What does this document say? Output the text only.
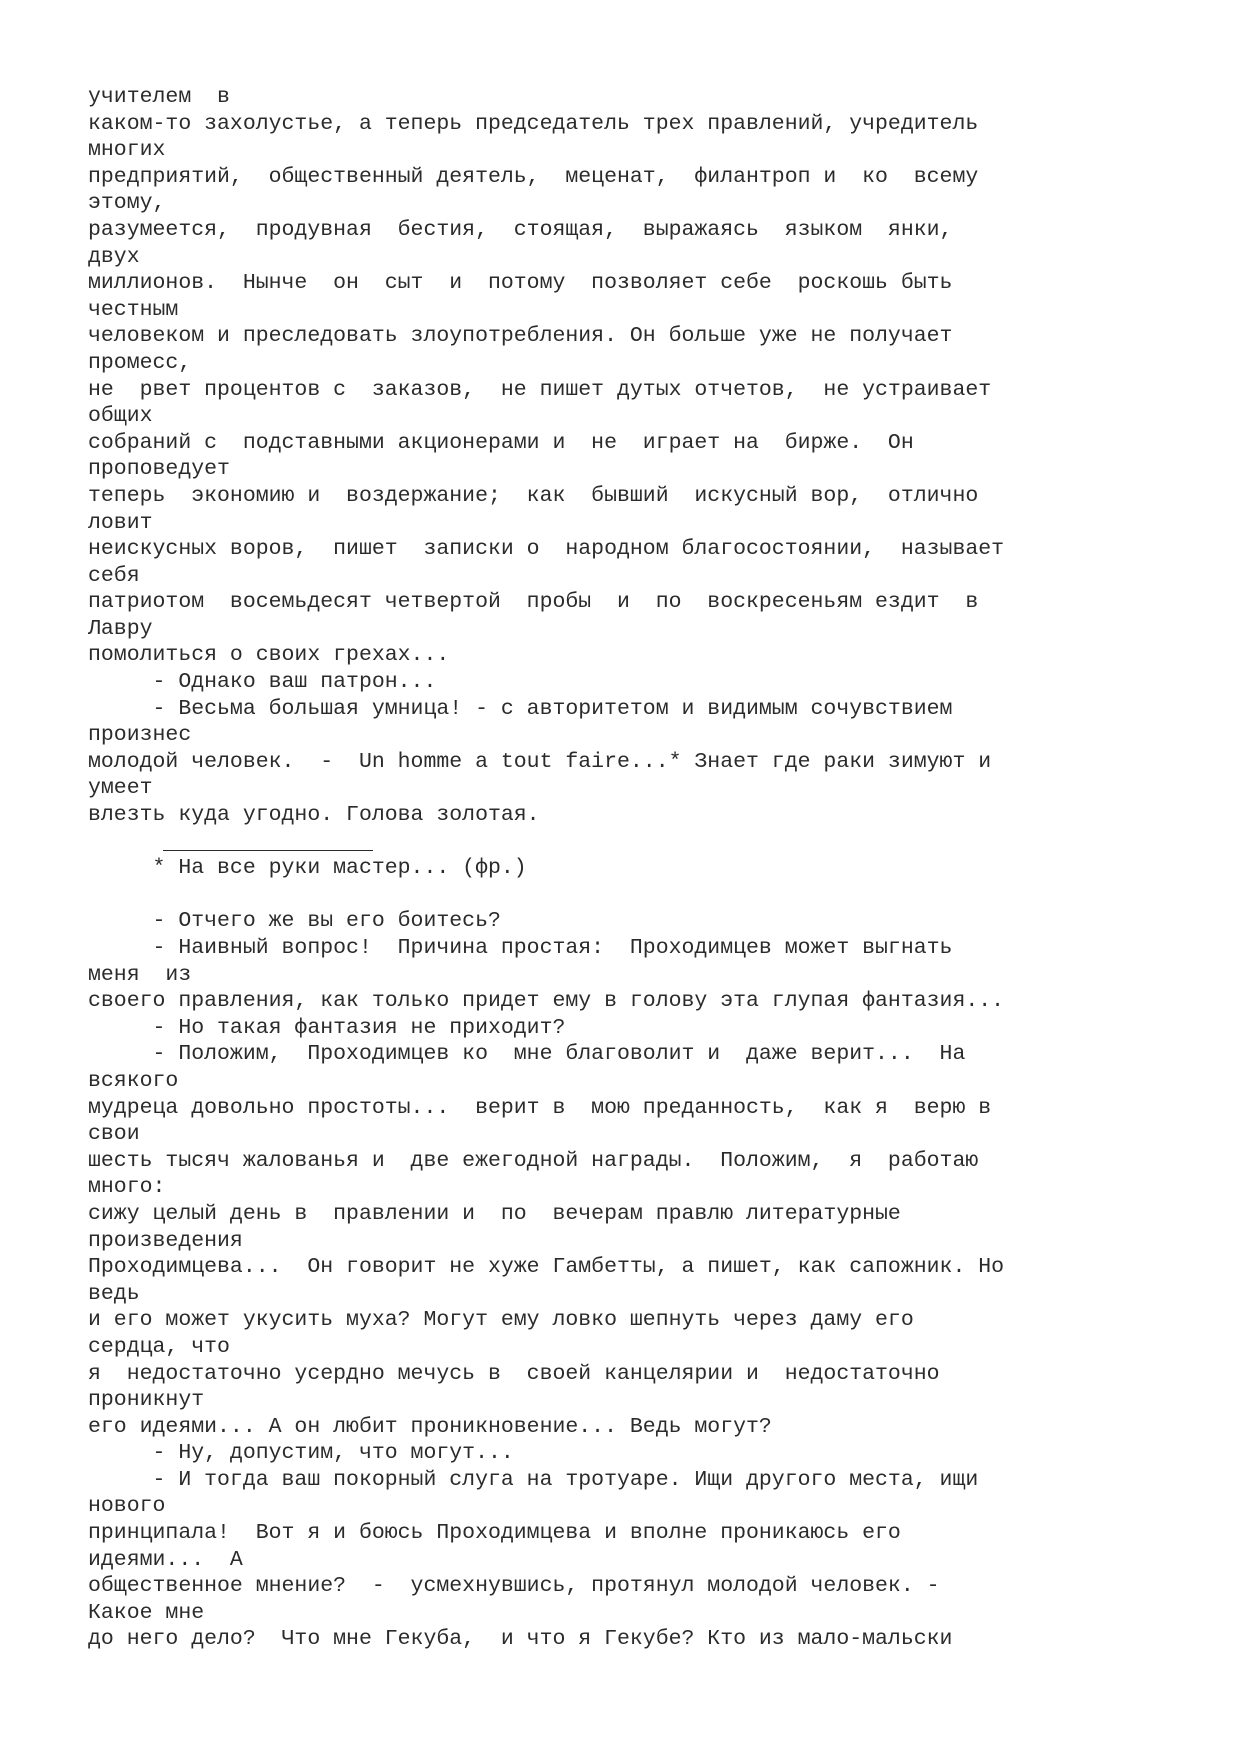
учителем  в
каком-то захолустье, а теперь председатель трех правлений, учредитель
многих
предприятий,  общественный деятель,  меценат,  филантроп и  ко  всему
этому,
разумеется,  продувная  бестия,  стоящая,  выражаясь  языком  янки,
двух
миллионов.  Нынче  он  сыт  и  потому  позволяет себе  роскошь быть
честным
человеком и преследовать злоупотребления. Он больше уже не получает
промесс,
не  рвет процентов с  заказов,  не пишет дутых отчетов,  не устраивает
общих
собраний с  подставными акционерами и  не  играет на  бирже.  Он
проповедует
теперь  экономию и  воздержание;  как  бывший  искусный вор,  отлично
ловит
неискусных воров,  пишет  записки о  народном благосостоянии,  называет
себя
патриотом  восемьдесят четвертой  пробы  и  по  воскресеньям ездит  в
Лавру
помолиться о своих грехах...
- Однако ваш патрон...
- Весьма большая умница! - с авторитетом и видимым сочувствием
произнес
молодой человек.  -  Un homme a tout faire...* Знает где раки зимуют и
умеет
влезть куда угодно. Голова золотая.
* На все руки мастер... (фр.)
- Отчего же вы его боитесь?
- Наивный вопрос!  Причина простая:  Проходимцев может выгнать
меня  из
своего правления, как только придет ему в голову эта глупая фантазия...
- Но такая фантазия не приходит?
- Положим,  Проходимцев ко  мне благоволит и  даже верит...  На
всякого
мудреца довольно простоты...  верит в  мою преданность,  как я  верю в
свои
шесть тысяч жалованья и  две ежегодной награды.  Положим,  я  работаю
много:
сижу целый день в  правлении и  по  вечерам правлю литературные
произведения
Проходимцева...  Он говорит не хуже Гамбетты, а пишет, как сапожник. Но
ведь
и его может укусить муха? Могут ему ловко шепнуть через даму его
сердца, что
я  недостаточно усердно мечусь в  своей канцелярии и  недостаточно
проникнут
его идеями... А он любит проникновение... Ведь могут?
- Ну, допустим, что могут...
- И тогда ваш покорный слуга на тротуаре. Ищи другого места, ищи
нового
принципала!  Вот я и боюсь Проходимцева и вполне проникаюсь его
идеями...  А
общественное мнение?  -  усмехнувшись, протянул молодой человек. -
Какое мне
до него дело?  Что мне Гекуба,  и что я Гекубе? Кто из мало-мальски
